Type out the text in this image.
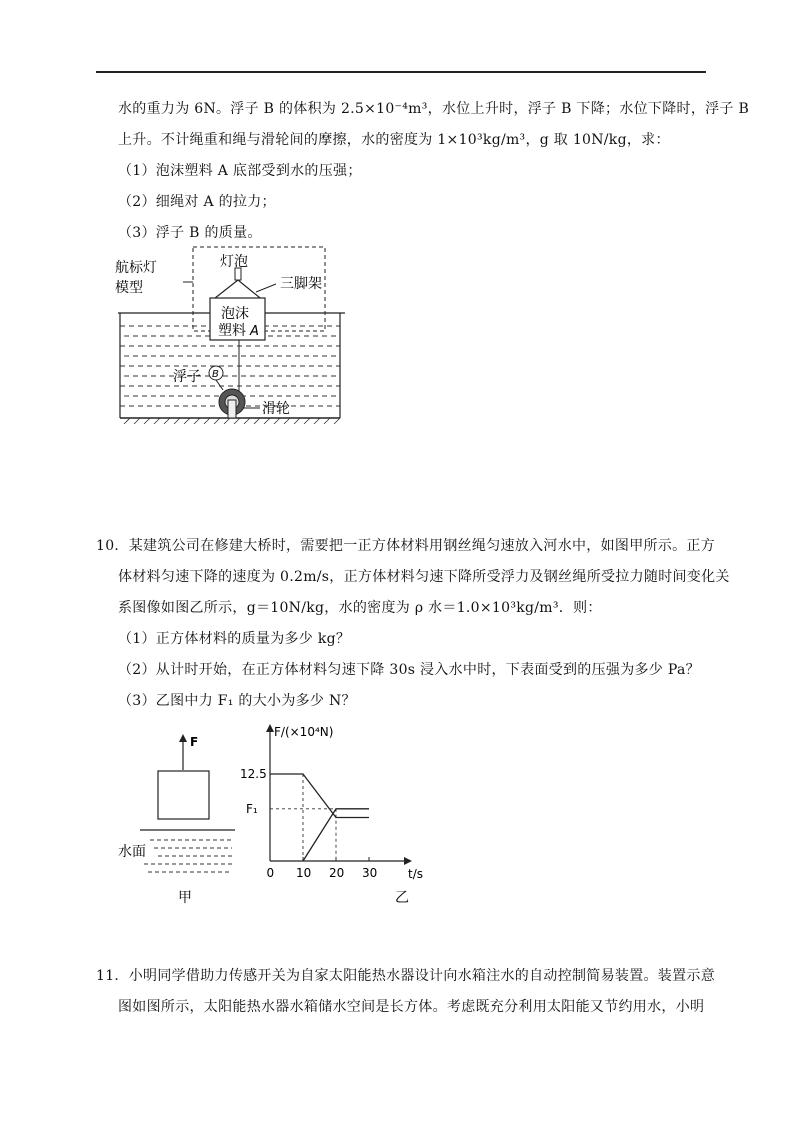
水的重力为 6N。浮子 B 的体积为 2.5×10⁻⁴m³，水位上升时，浮子 B 下降；水位下降时，浮子 B
上升。不计绳重和绳与滑轮间的摩擦，水的密度为 1×10³kg/m³，g 取 10N/kg，求：
（1）泡沫塑料 A 底部受到水的压强；
（2）细绳对 A 的拉力；
（3）浮子 B 的质量。
灯泡
航标灯
模型	三脚架
泡沫
塑料 A
浮子 B
滑轮
10．某建筑公司在修建大桥时，需要把一正方体材料用钢丝绳匀速放入河水中，如图甲所示。正方
体材料匀速下降的速度为 0.2m/s，正方体材料匀速下降所受浮力及钢丝绳所受拉力随时间变化关
系图像如图乙所示，g＝10N/kg，水的密度为 ρ 水＝1.0×10³kg/m³．则：
（1）正方体材料的质量为多少 kg？
（2）从计时开始，在正方体材料匀速下降 30s 浸入水中时，下表面受到的压强为多少 Pa？
（3）乙图中力 F₁ 的大小为多少 N？
F
水面
甲
F/(×10⁴N)
t/s
乙
0 10 20 30
12.5
F₁
11．小明同学借助力传感开关为自家太阳能热水器设计向水箱注水的自动控制简易装置。装置示意
图如图所示，太阳能热水器水箱储水空间是长方体。考虑既充分利用太阳能又节约用水，小明
